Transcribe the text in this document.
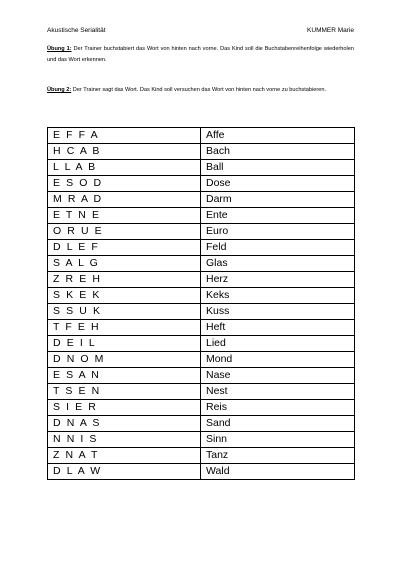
Akustische Serialität	KUMMER Marie
Übung 1: Der Trainer buchstabiert das Wort von hinten nach vorne. Das Kind soll die Buchstabenreihenfolge wiederholen und das Wort erkennen.
Übung 2: Der Trainer sagt das Wort. Das Kind soll versuchen das Wort von hinten nach vorne zu buchstabieren.
E F F A	Affe
H C A B	Bach
L L A B	Ball
E S O D	Dose
M R A D	Darm
E T N E	Ente
O R U E	Euro
D L E F	Feld
S A L G	Glas
Z R E H	Herz
S K E K	Keks
S S U K	Kuss
T F E H	Heft
D E I L	Lied
D N O M	Mond
E S A N	Nase
T S E N	Nest
S I E R	Reis
D N A S	Sand
N N I S	Sinn
Z N A T	Tanz
D L A W	Wald
